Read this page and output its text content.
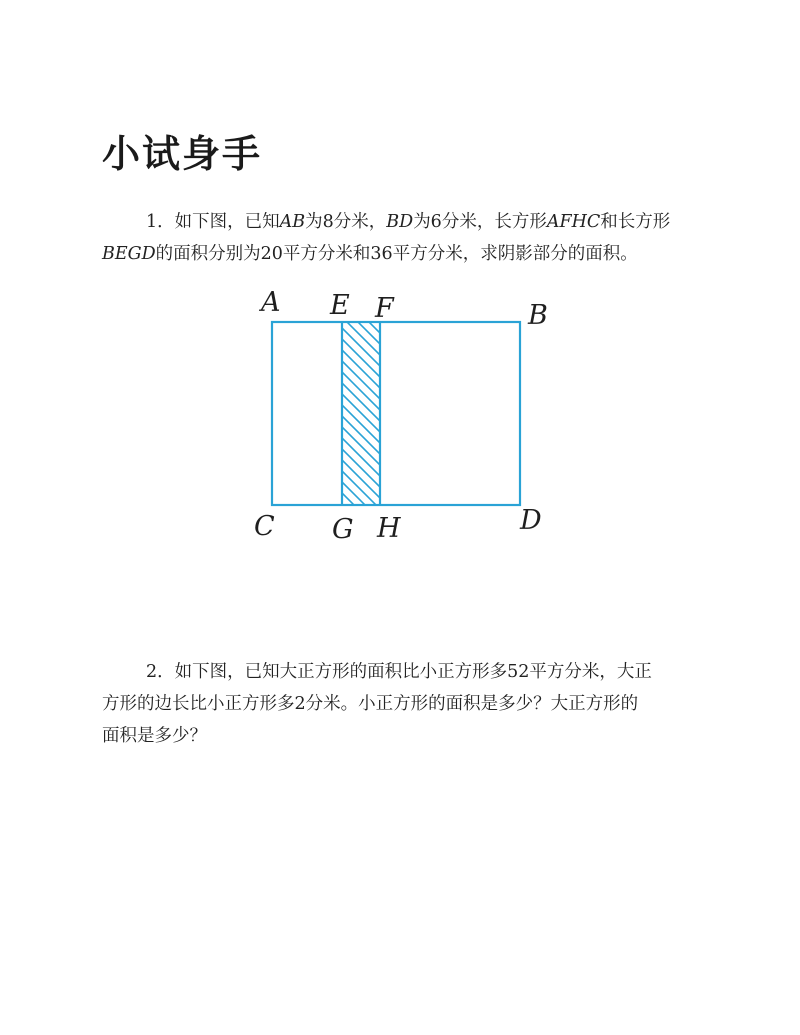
小试身手
1．如下图，已知AB为8分米，BD为6分米，长方形AFHC和长方形
BEGD的面积分别为20平方分米和36平方分米，求阴影部分的面积。
A E F	B
C G H	D
2．如下图，已知大正方形的面积比小正方形多52平方分米，大正
方形的边长比小正方形多2分米。小正方形的面积是多少？大正方形的
面积是多少？
